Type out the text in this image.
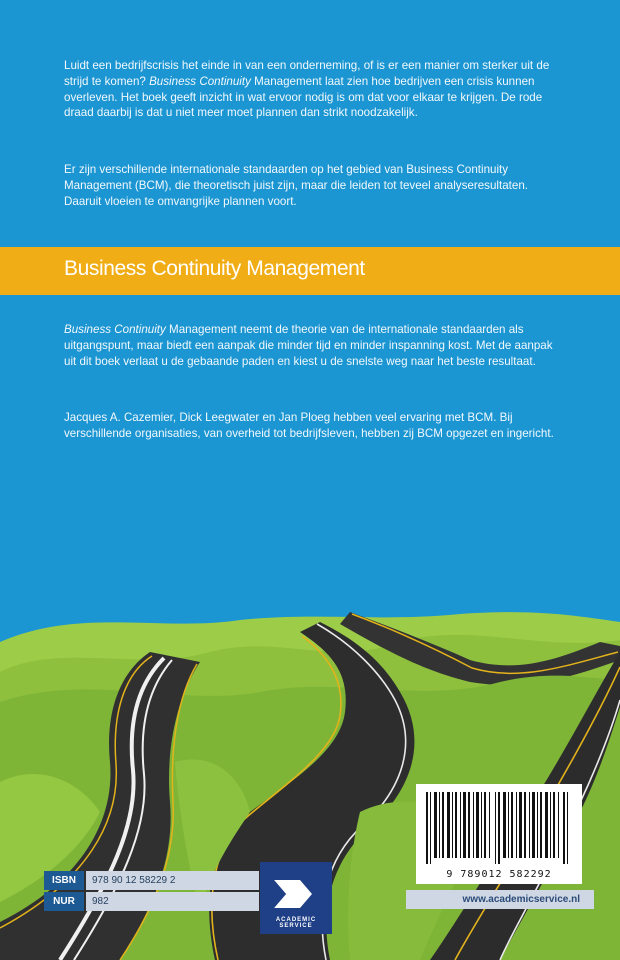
Luidt een bedrijfscrisis het einde in van een onderneming, of is er een manier om sterker uit de strijd te komen? Business Continuity Management laat zien hoe bedrijven een crisis kunnen overleven. Het boek geeft inzicht in wat ervoor nodig is om dat voor elkaar te krijgen. De rode draad daarbij is dat u niet meer moet plannen dan strikt noodzakelijk.

Er zijn verschillende internationale standaarden op het gebied van Business Continuity Management (BCM), die theoretisch juist zijn, maar die leiden tot teveel analyseresultaten. Daaruit vloeien te omvangrijke plannen voort.

Business Continuity Management

Business Continuity Management neemt de theorie van de internationale standaarden als uitgangspunt, maar biedt een aanpak die minder tijd en minder inspanning kost. Met de aanpak uit dit boek verlaat u de gebaande paden en kiest u de snelste weg naar het beste resultaat.

Jacques A. Cazemier, Dick Leegwater en Jan Ploeg hebben veel ervaring met BCM. Bij verschillende organisaties, van overheid tot bedrijfsleven, hebben zij BCM opgezet en ingericht.

9 789012 582292
ISBN	978 90 12 58229 2
NUR	982
ACADEMIC SERVICE
www.academicservice.nl
